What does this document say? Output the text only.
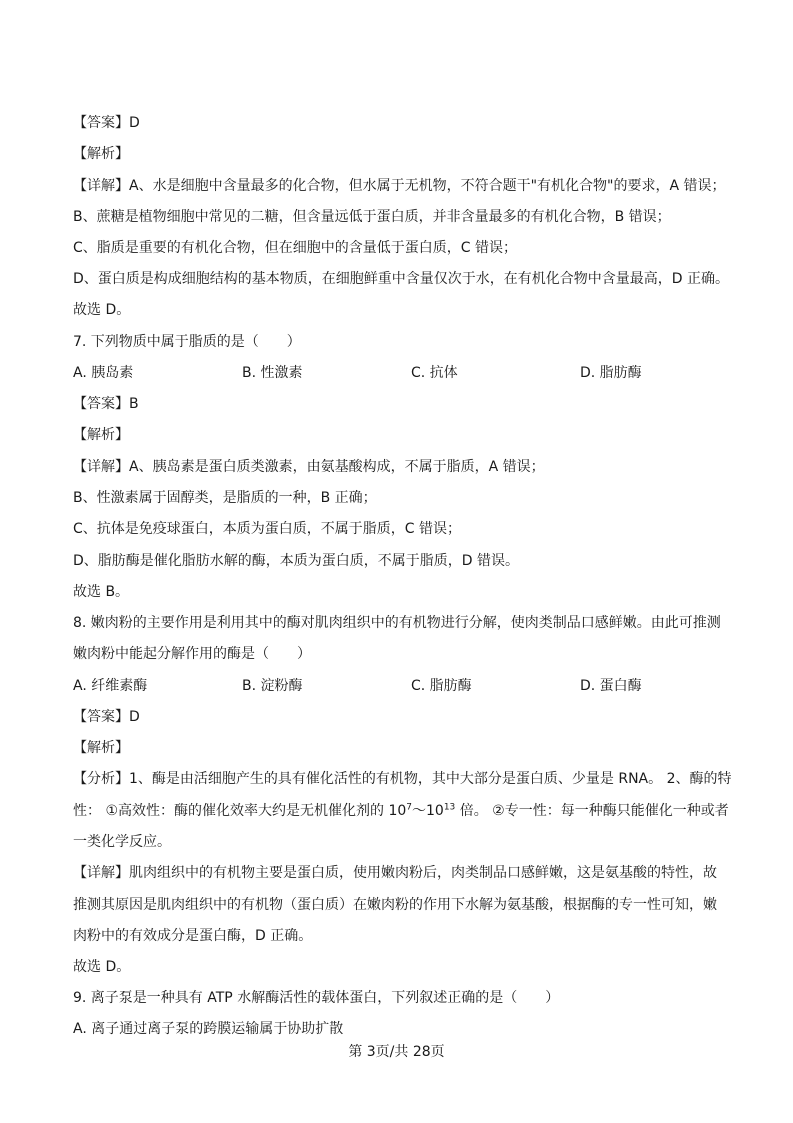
【答案】D
【解析】
【详解】A、水是细胞中含量最多的化合物，但水属于无机物，不符合题干"有机化合物"的要求，A 错误；
B、蔗糖是植物细胞中常见的二糖，但含量远低于蛋白质，并非含量最多的有机化合物，B 错误；
C、脂质是重要的有机化合物，但在细胞中的含量低于蛋白质，C 错误；
D、蛋白质是构成细胞结构的基本物质，在细胞鲜重中含量仅次于水，在有机化合物中含量最高，D 正确。
故选 D。
7. 下列物质中属于脂质的是（　　）
A. 胰岛素	B. 性激素	C. 抗体	D. 脂肪酶
【答案】B
【解析】
【详解】A、胰岛素是蛋白质类激素，由氨基酸构成，不属于脂质，A 错误；
B、性激素属于固醇类，是脂质的一种，B 正确；
C、抗体是免疫球蛋白，本质为蛋白质，不属于脂质，C 错误；
D、脂肪酶是催化脂肪水解的酶，本质为蛋白质，不属于脂质，D 错误。
故选 B。
8. 嫩肉粉的主要作用是利用其中的酶对肌肉组织中的有机物进行分解，使肉类制品口感鲜嫩。由此可推测
嫩肉粉中能起分解作用的酶是（　　）
A. 纤维素酶	B. 淀粉酶	C. 脂肪酶	D. 蛋白酶
【答案】D
【解析】
【分析】1、酶是由活细胞产生的具有催化活性的有机物，其中大部分是蛋白质、少量是 RNA。 2、酶的特
性： ①高效性：酶的催化效率大约是无机催化剂的 $10^7\sim 10^{13}$ 倍。 ②专一性：每一种酶只能催化一种或者
一类化学反应。
【详解】肌肉组织中的有机物主要是蛋白质，使用嫩肉粉后，肉类制品口感鲜嫩，这是氨基酸的特性，故
推测其原因是肌肉组织中的有机物（蛋白质）在嫩肉粉的作用下水解为氨基酸，根据酶的专一性可知，嫩
肉粉中的有效成分是蛋白酶，D 正确。
故选 D。
9. 离子泵是一种具有 ATP 水解酶活性的载体蛋白，下列叙述正确的是（　　）
A. 离子通过离子泵的跨膜运输属于协助扩散
第 3页/共 28页
